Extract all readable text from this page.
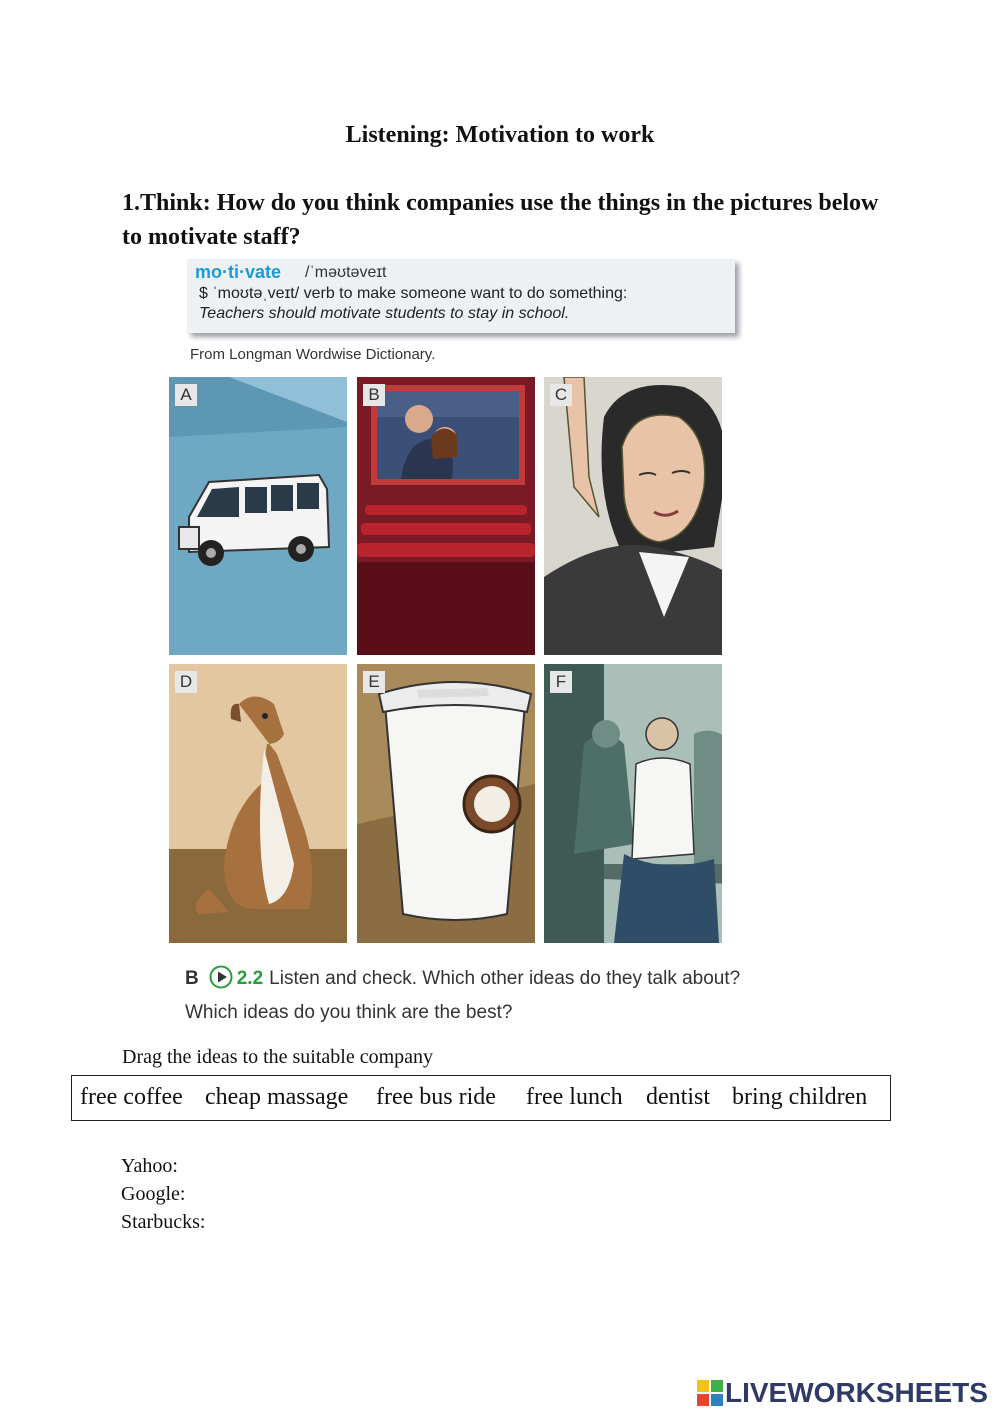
Listening: Motivation to work
1.Think: How do you think companies use the things in the pictures below to motivate staff?
mo·ti·vate /ˈməʊtəveɪt
$ ˈmoʊtəˌveɪt/ verb to make someone want to do something:
Teachers should motivate students to stay in school.
From Longman Wordwise Dictionary.
A	B	C
D	E	F
B 2.2 Listen and check. Which other ideas do they talk about? Which ideas do you think are the best?
Drag the ideas to the suitable company
free coffee cheap massage free bus ride free lunch dentist bring children
Yahoo:
Google:
Starbucks:
LIVEWORKSHEETS
